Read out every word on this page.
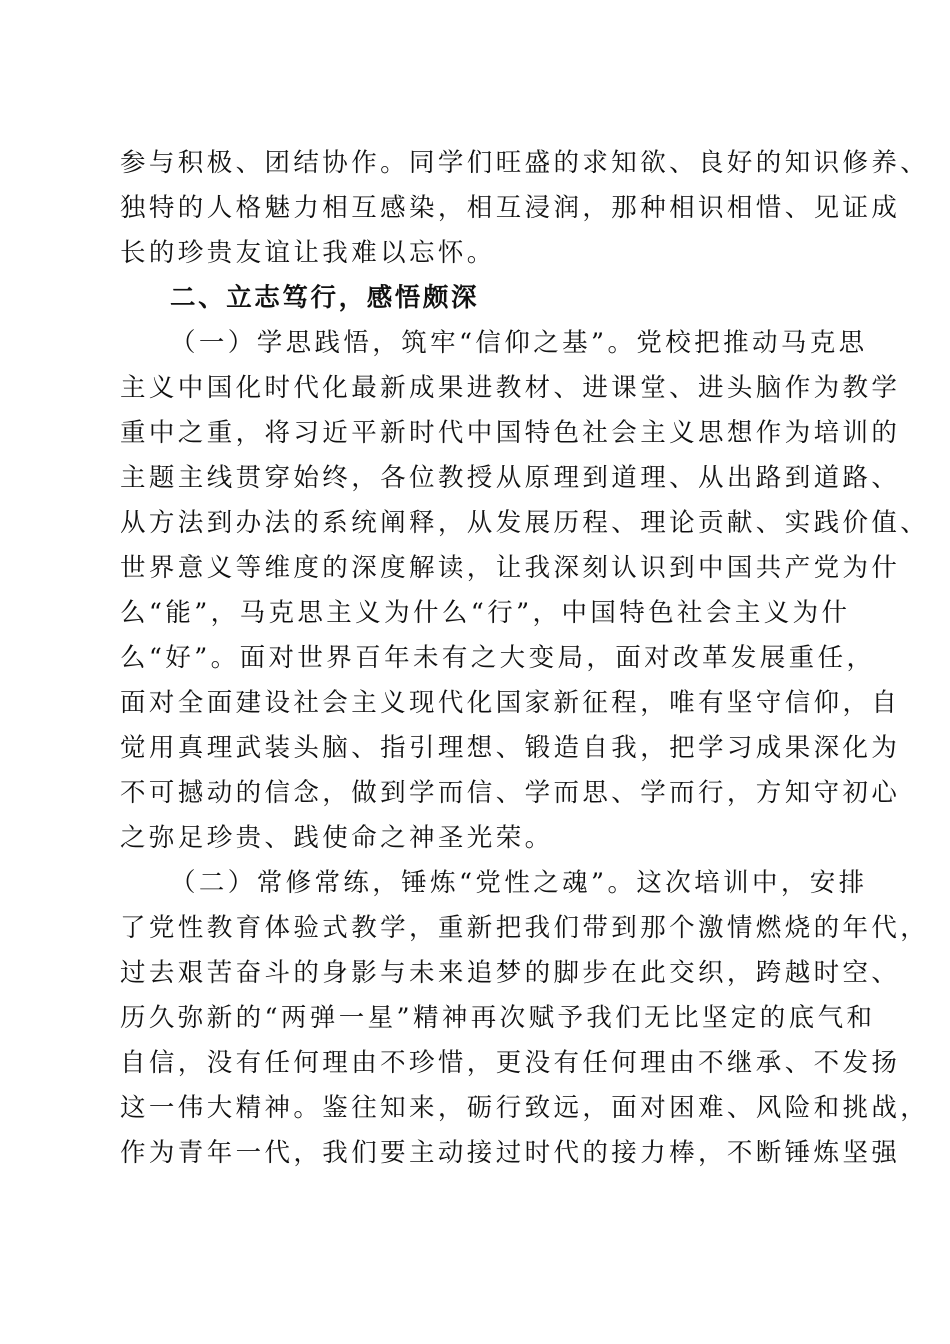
参与积极、团结协作。同学们旺盛的求知欲、良好的知识修养、
独特的人格魅力相互感染，相互浸润，那种相识相惜、见证成
长的珍贵友谊让我难以忘怀。
二、立志笃行，感悟颇深
（一）学思践悟，筑牢“信仰之基”。党校把推动马克思
主义中国化时代化最新成果进教材、进课堂、进头脑作为教学
重中之重，将习近平新时代中国特色社会主义思想作为培训的
主题主线贯穿始终，各位教授从原理到道理、从出路到道路、
从方法到办法的系统阐释，从发展历程、理论贡献、实践价值、
世界意义等维度的深度解读，让我深刻认识到中国共产党为什
么“能”，马克思主义为什么“行”，中国特色社会主义为什
么“好”。面对世界百年未有之大变局，面对改革发展重任，
面对全面建设社会主义现代化国家新征程，唯有坚守信仰，自
觉用真理武装头脑、指引理想、锻造自我，把学习成果深化为
不可撼动的信念，做到学而信、学而思、学而行，方知守初心
之弥足珍贵、践使命之神圣光荣。
（二）常修常练，锤炼“党性之魂”。这次培训中，安排
了党性教育体验式教学，重新把我们带到那个激情燃烧的年代，
过去艰苦奋斗的身影与未来追梦的脚步在此交织，跨越时空、
历久弥新的“两弹一星”精神再次赋予我们无比坚定的底气和
自信，没有任何理由不珍惜，更没有任何理由不继承、不发扬
这一伟大精神。鉴往知来，砺行致远，面对困难、风险和挑战，
作为青年一代，我们要主动接过时代的接力棒，不断锤炼坚强
